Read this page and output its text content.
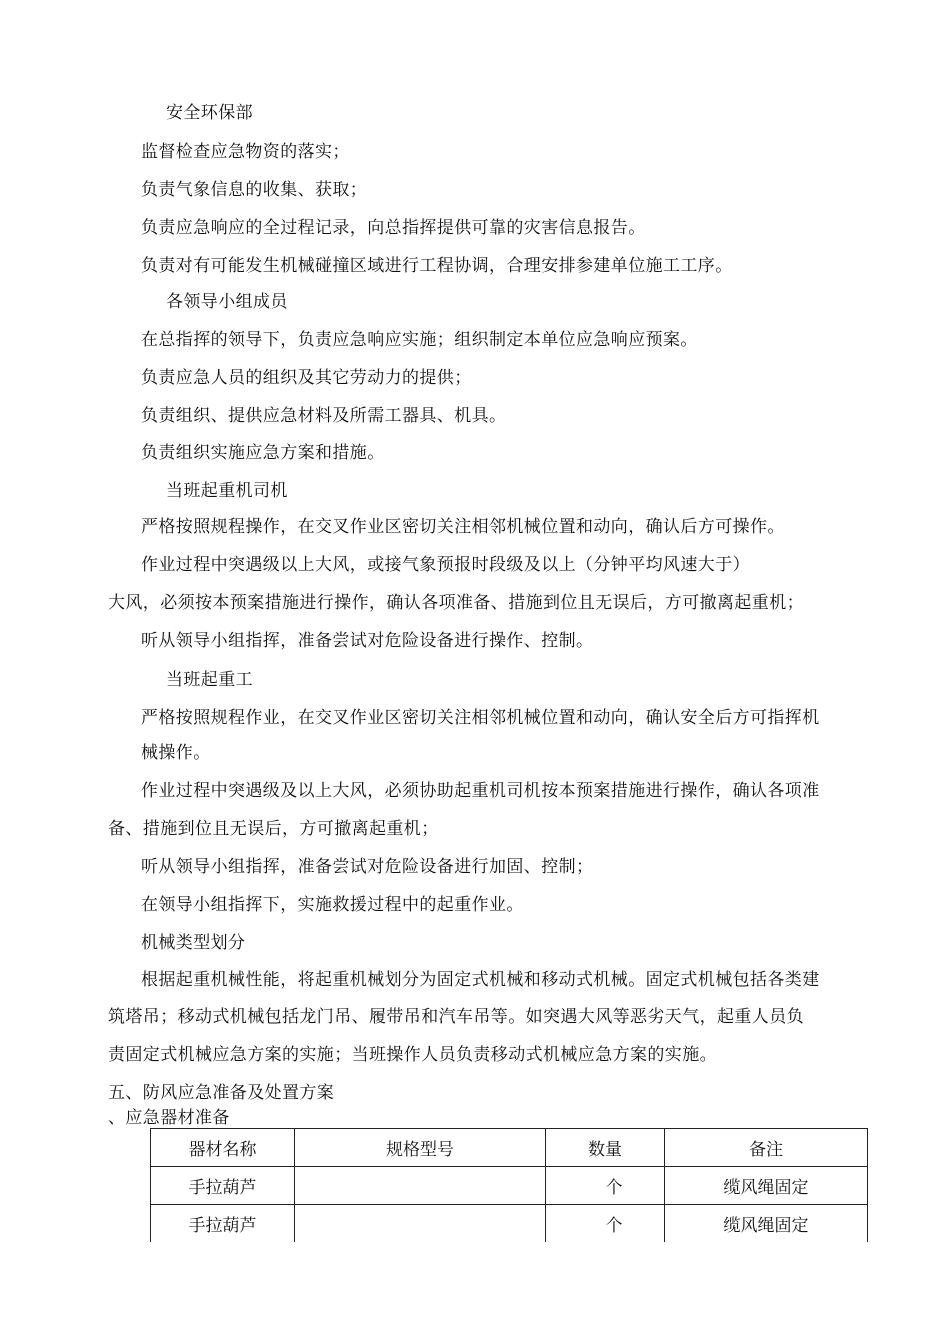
安全环保部
监督检查应急物资的落实；
负责气象信息的收集、获取；
负责应急响应的全过程记录，向总指挥提供可靠的灾害信息报告。
负责对有可能发生机械碰撞区域进行工程协调，合理安排参建单位施工工序。
各领导小组成员
在总指挥的领导下，负责应急响应实施；组织制定本单位应急响应预案。
负责应急人员的组织及其它劳动力的提供；
负责组织、提供应急材料及所需工器具、机具。
负责组织实施应急方案和措施。
当班起重机司机
严格按照规程操作，在交叉作业区密切关注相邻机械位置和动向，确认后方可操作。
作业过程中突遇级以上大风，或接气象预报时段级及以上（分钟平均风速大于）
大风，必须按本预案措施进行操作，确认各项准备、措施到位且无误后，方可撤离起重机；
听从领导小组指挥，准备尝试对危险设备进行操作、控制。
当班起重工
严格按照规程作业，在交叉作业区密切关注相邻机械位置和动向，确认安全后方可指挥机
械操作。
作业过程中突遇级及以上大风，必须协助起重机司机按本预案措施进行操作，确认各项准
备、措施到位且无误后，方可撤离起重机；
听从领导小组指挥，准备尝试对危险设备进行加固、控制；
在领导小组指挥下，实施救援过程中的起重作业。
机械类型划分
根据起重机械性能，将起重机械划分为固定式机械和移动式机械。固定式机械包括各类建
筑塔吊；移动式机械包括龙门吊、履带吊和汽车吊等。如突遇大风等恶劣天气，起重人员负
责固定式机械应急方案的实施；当班操作人员负责移动式机械应急方案的实施。
五、防风应急准备及处置方案
、应急器材准备
器材名称	规格型号	数量	备注
手拉葫芦		个	缆风绳固定
手拉葫芦		个	缆风绳固定
